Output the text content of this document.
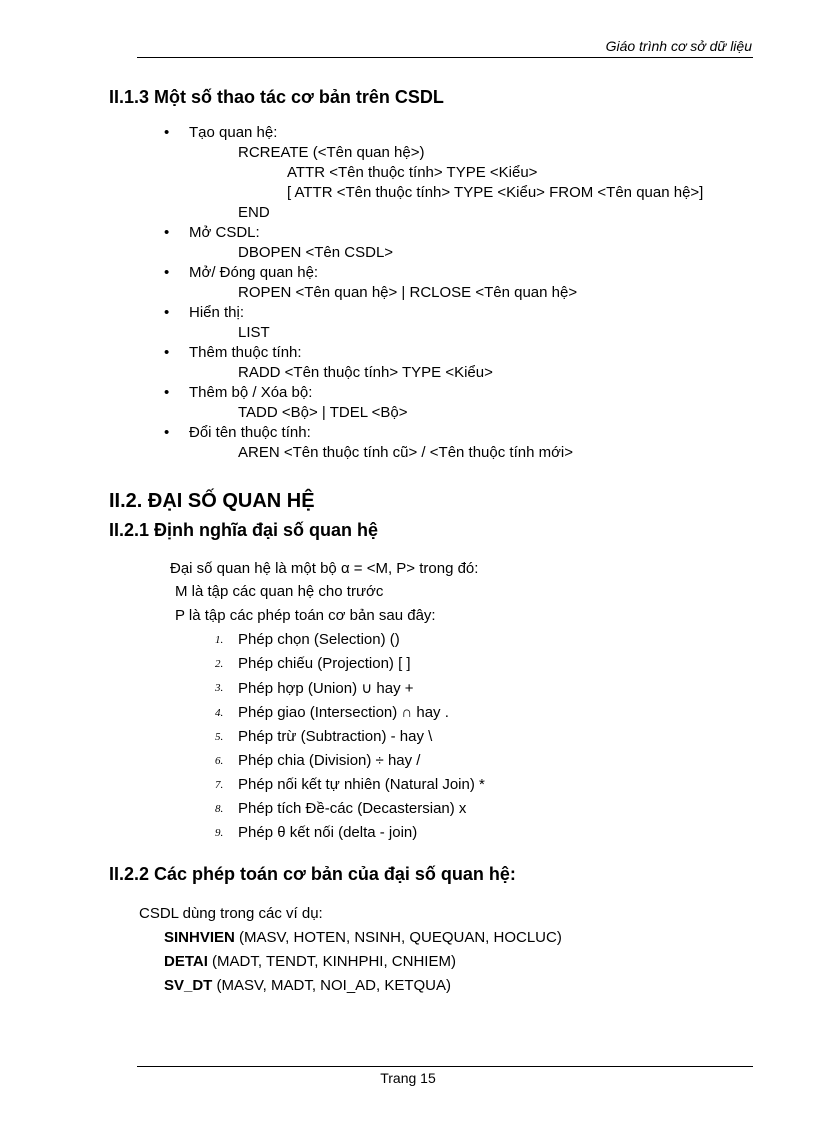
Giáo trình cơ sở dữ liệu
II.1.3 Một số thao tác cơ bản trên CSDL
• Tạo quan hệ:
RCREATE (<Tên quan hệ>)
ATTR <Tên thuộc tính> TYPE <Kiểu>
[ ATTR <Tên thuộc tính> TYPE <Kiểu> FROM <Tên quan hệ>]
END
• Mở CSDL:
DBOPEN <Tên CSDL>
• Mở/ Đóng quan hệ:
ROPEN <Tên quan hệ> | RCLOSE <Tên quan hệ>
• Hiển thị:
LIST
• Thêm thuộc tính:
RADD <Tên thuộc tính> TYPE <Kiểu>
• Thêm bộ / Xóa bộ:
TADD <Bộ> | TDEL <Bộ>
• Đổi tên thuộc tính:
AREN <Tên thuộc tính cũ> / <Tên thuộc tính mới>
II.2. ĐẠI SỐ QUAN HỆ
II.2.1 Định nghĩa đại số quan hệ
Đại số quan hệ là một bộ α = <M, P> trong đó:
M là tập các quan hệ cho trước
P là tập các phép toán cơ bản sau đây:
1. Phép chọn (Selection) ()
2. Phép chiếu (Projection) [ ]
3. Phép hợp (Union) ∪ hay +
4. Phép giao (Intersection) ∩ hay .
5. Phép trừ (Subtraction) - hay \
6. Phép chia (Division) ÷ hay /
7. Phép nối kết tự nhiên (Natural Join) *
8. Phép tích Đề-các (Decastersian) x
9. Phép θ kết nối (delta - join)
II.2.2 Các phép toán cơ bản của đại số quan hệ:
CSDL dùng trong các ví dụ:
SINHVIEN (MASV, HOTEN, NSINH, QUEQUAN, HOCLUC)
DETAI (MADT, TENDT, KINHPHI, CNHIEM)
SV_DT (MASV, MADT, NOI_AD, KETQUA)
Trang 15
